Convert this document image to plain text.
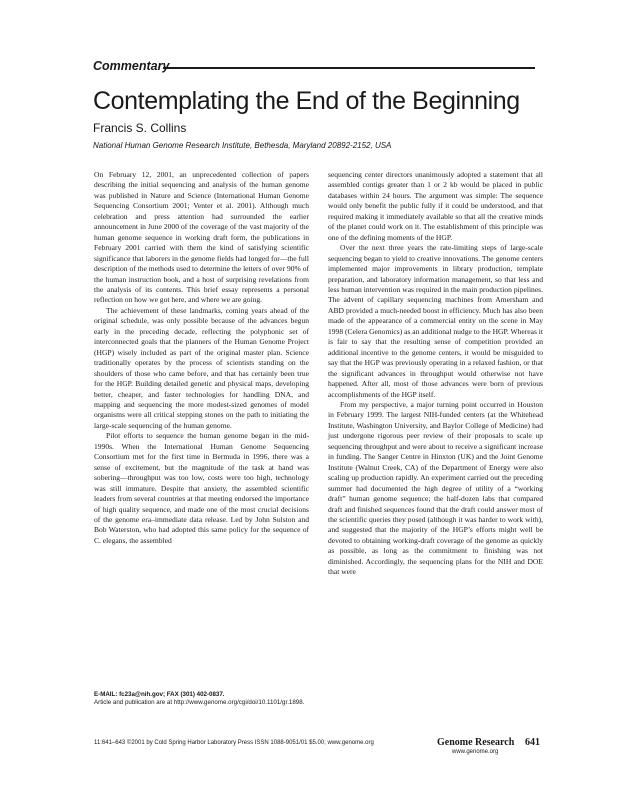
Commentary
Contemplating the End of the Beginning
Francis S. Collins
National Human Genome Research Institute, Bethesda, Maryland 20892-2152, USA

On February 12, 2001, an unprecedented collection of papers describing the initial sequencing and analysis of the human genome was published in Nature and Science (International Human Genome Sequencing Consortium 2001; Venter et al. 2001). Although much celebration and press attention had surrounded the earlier announcement in June 2000 of the coverage of the vast majority of the human genome sequence in working draft form, the publications in February 2001 carried with them the kind of satisfying scientific significance that laborers in the genome fields had longed for—the full description of the methods used to determine the letters of over 90% of the human instruction book, and a host of surprising revelations from the analysis of its contents. This brief essay represents a personal reflection on how we got here, and where we are going.

The achievement of these landmarks, coming years ahead of the original schedule, was only possible because of the advances begun early in the preceding decade, reflecting the polyphonic set of interconnected goals that the planners of the Human Genome Project (HGP) wisely included as part of the original master plan. Science traditionally operates by the process of scientists standing on the shoulders of those who came before, and that has certainly been true for the HGP. Building detailed genetic and physical maps, developing better, cheaper, and faster technologies for handling DNA, and mapping and sequencing the more modest-sized genomes of model organisms were all critical stepping stones on the path to initiating the large-scale sequencing of the human genome.

Pilot efforts to sequence the human genome began in the mid-1990s. When the International Human Genome Sequencing Consortium met for the first time in Bermuda in 1996, there was a sense of excitement, but the magnitude of the task at hand was sobering—throughput was too low, costs were too high, technology was still immature. Despite that anxiety, the assembled scientific leaders from several countries at that meeting endorsed the importance of high quality sequence, and made one of the most crucial decisions of the genome era–immediate data release. Led by John Sulston and Bob Waterston, who had adopted this same policy for the sequence of C. elegans, the assembled

sequencing center directors unanimously adopted a statement that all assembled contigs greater than 1 or 2 kb would be placed in public databases within 24 hours. The argument was simple: The sequence would only benefit the public fully if it could be understood, and that required making it immediately available so that all the creative minds of the planet could work on it. The establishment of this principle was one of the defining moments of the HGP.

Over the next three years the rate-limiting steps of large-scale sequencing began to yield to creative innovations. The genome centers implemented major improvements in library production, template preparation, and laboratory information management, so that less and less human intervention was required in the main production pipelines. The advent of capillary sequencing machines from Amersham and ABD provided a much-needed boost in efficiency. Much has also been made of the appearance of a commercial entity on the scene in May 1998 (Celera Genomics) as an additional nudge to the HGP. Whereas it is fair to say that the resulting sense of competition provided an additional incentive to the genome centers, it would be misguided to say that the HGP was previously operating in a relaxed fashion, or that the significant advances in throughput would otherwise not have happened. After all, most of those advances were born of previous accomplishments of the HGP itself.

From my perspective, a major turning point occurred in Houston in February 1999. The largest NIH-funded centers (at the Whitehead Institute, Washington University, and Baylor College of Medicine) had just undergone rigorous peer review of their proposals to scale up sequencing throughput and were about to receive a significant increase in funding. The Sanger Centre in Hinxton (UK) and the Joint Genome Institute (Walnut Creek, CA) of the Department of Energy were also scaling up production rapidly. An experiment carried out the preceding summer had documented the high degree of utility of a “working draft” human genome sequence; the half-dozen labs that compared draft and finished sequences found that the draft could answer most of the scientific queries they posed (although it was harder to work with), and suggested that the majority of the HGP’s efforts might well be devoted to obtaining working-draft coverage of the genome as quickly as possible, as long as the commitment to finishing was not diminished. Accordingly, the sequencing plans for the NIH and DOE that were

E-MAIL: fc23a@nih.gov; FAX (301) 402-0837.
Article and publication are at http://www.genome.org/cgi/doi/10.1101/gr.1898.
11:641–643 ©2001 by Cold Spring Harbor Laboratory Press ISSN 1088-9051/01 $5.00; www.genome.org	Genome Research 641
www.genome.org
